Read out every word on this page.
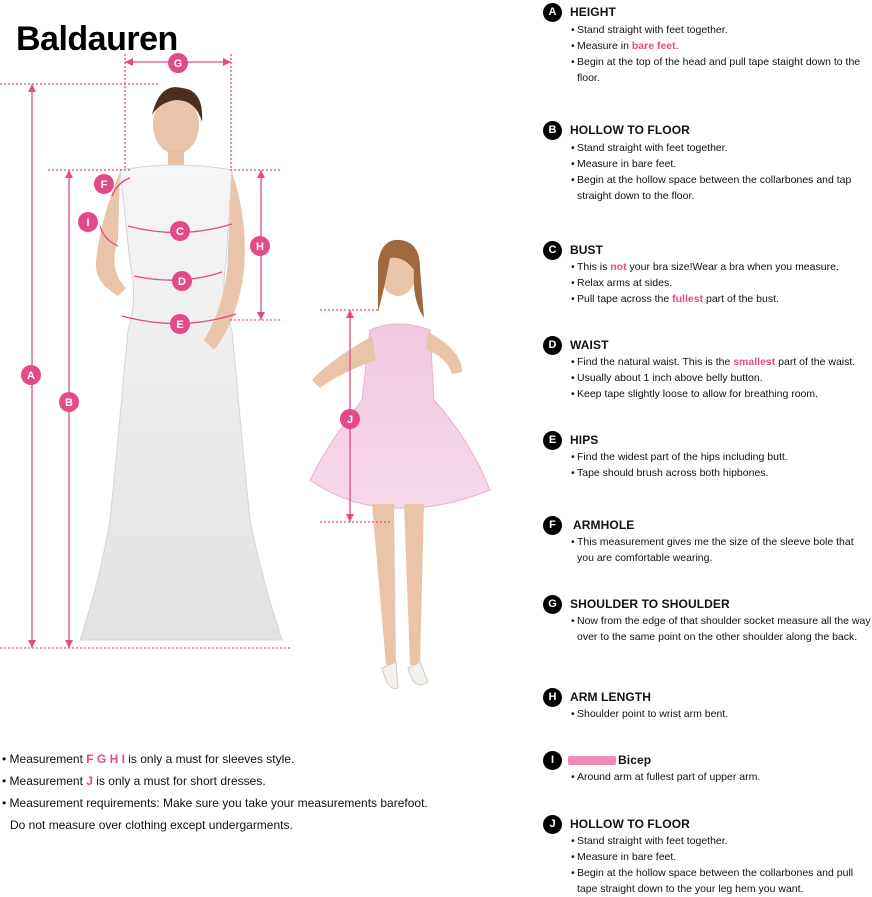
A
B
C
D
E
F
G
H
I
J
Baldauren
• Measurement F G H I is only a must for sleeves style.
• Measurement J is only a must for short dresses.
• Measurement requirements: Make sure you take your measurements barefoot.
Do not measure over clothing except undergarments.
A	HEIGHT
• Stand straight with feet together.
• Measure in bare feet.
• Begin at the top of the head and pull tape staight down to the floor.
B	HOLLOW TO FLOOR
• Stand straight with feet together.
• Measure in bare feet.
• Begin at the hollow space between the collarbones and tap straight down to the floor.
C	BUST
• This is not your bra size!Wear a bra when you measure.
• Relax arms at sides.
• Pull tape across the fullest part of the bust.
D	WAIST
• Find the natural waist. This is the smallest part of the waist.
• Usually about 1 inch above belly button.
• Keep tape slightly loose to allow for breathing room.
E	HIPS
• Find the widest part of the hips including butt.
• Tape should brush across both hipbones.
F	ARMHOLE
• This measurement gives me the size of the sleeve bole that you are comfortable wearing.
G	SHOULDER TO SHOULDER
• Now from the edge of that shoulder socket measure all the way over to the same point on the other shoulder along the back.
H	ARM LENGTH
• Shoulder point to wrist arm bent.
I	Bicep
• Around arm at fullest part of upper arm.
J	HOLLOW TO FLOOR
• Stand straight with feet together.
• Measure in bare feet.
• Begin at the hollow space between the collarbones and pull tape straight down to the your leg hem you want.
